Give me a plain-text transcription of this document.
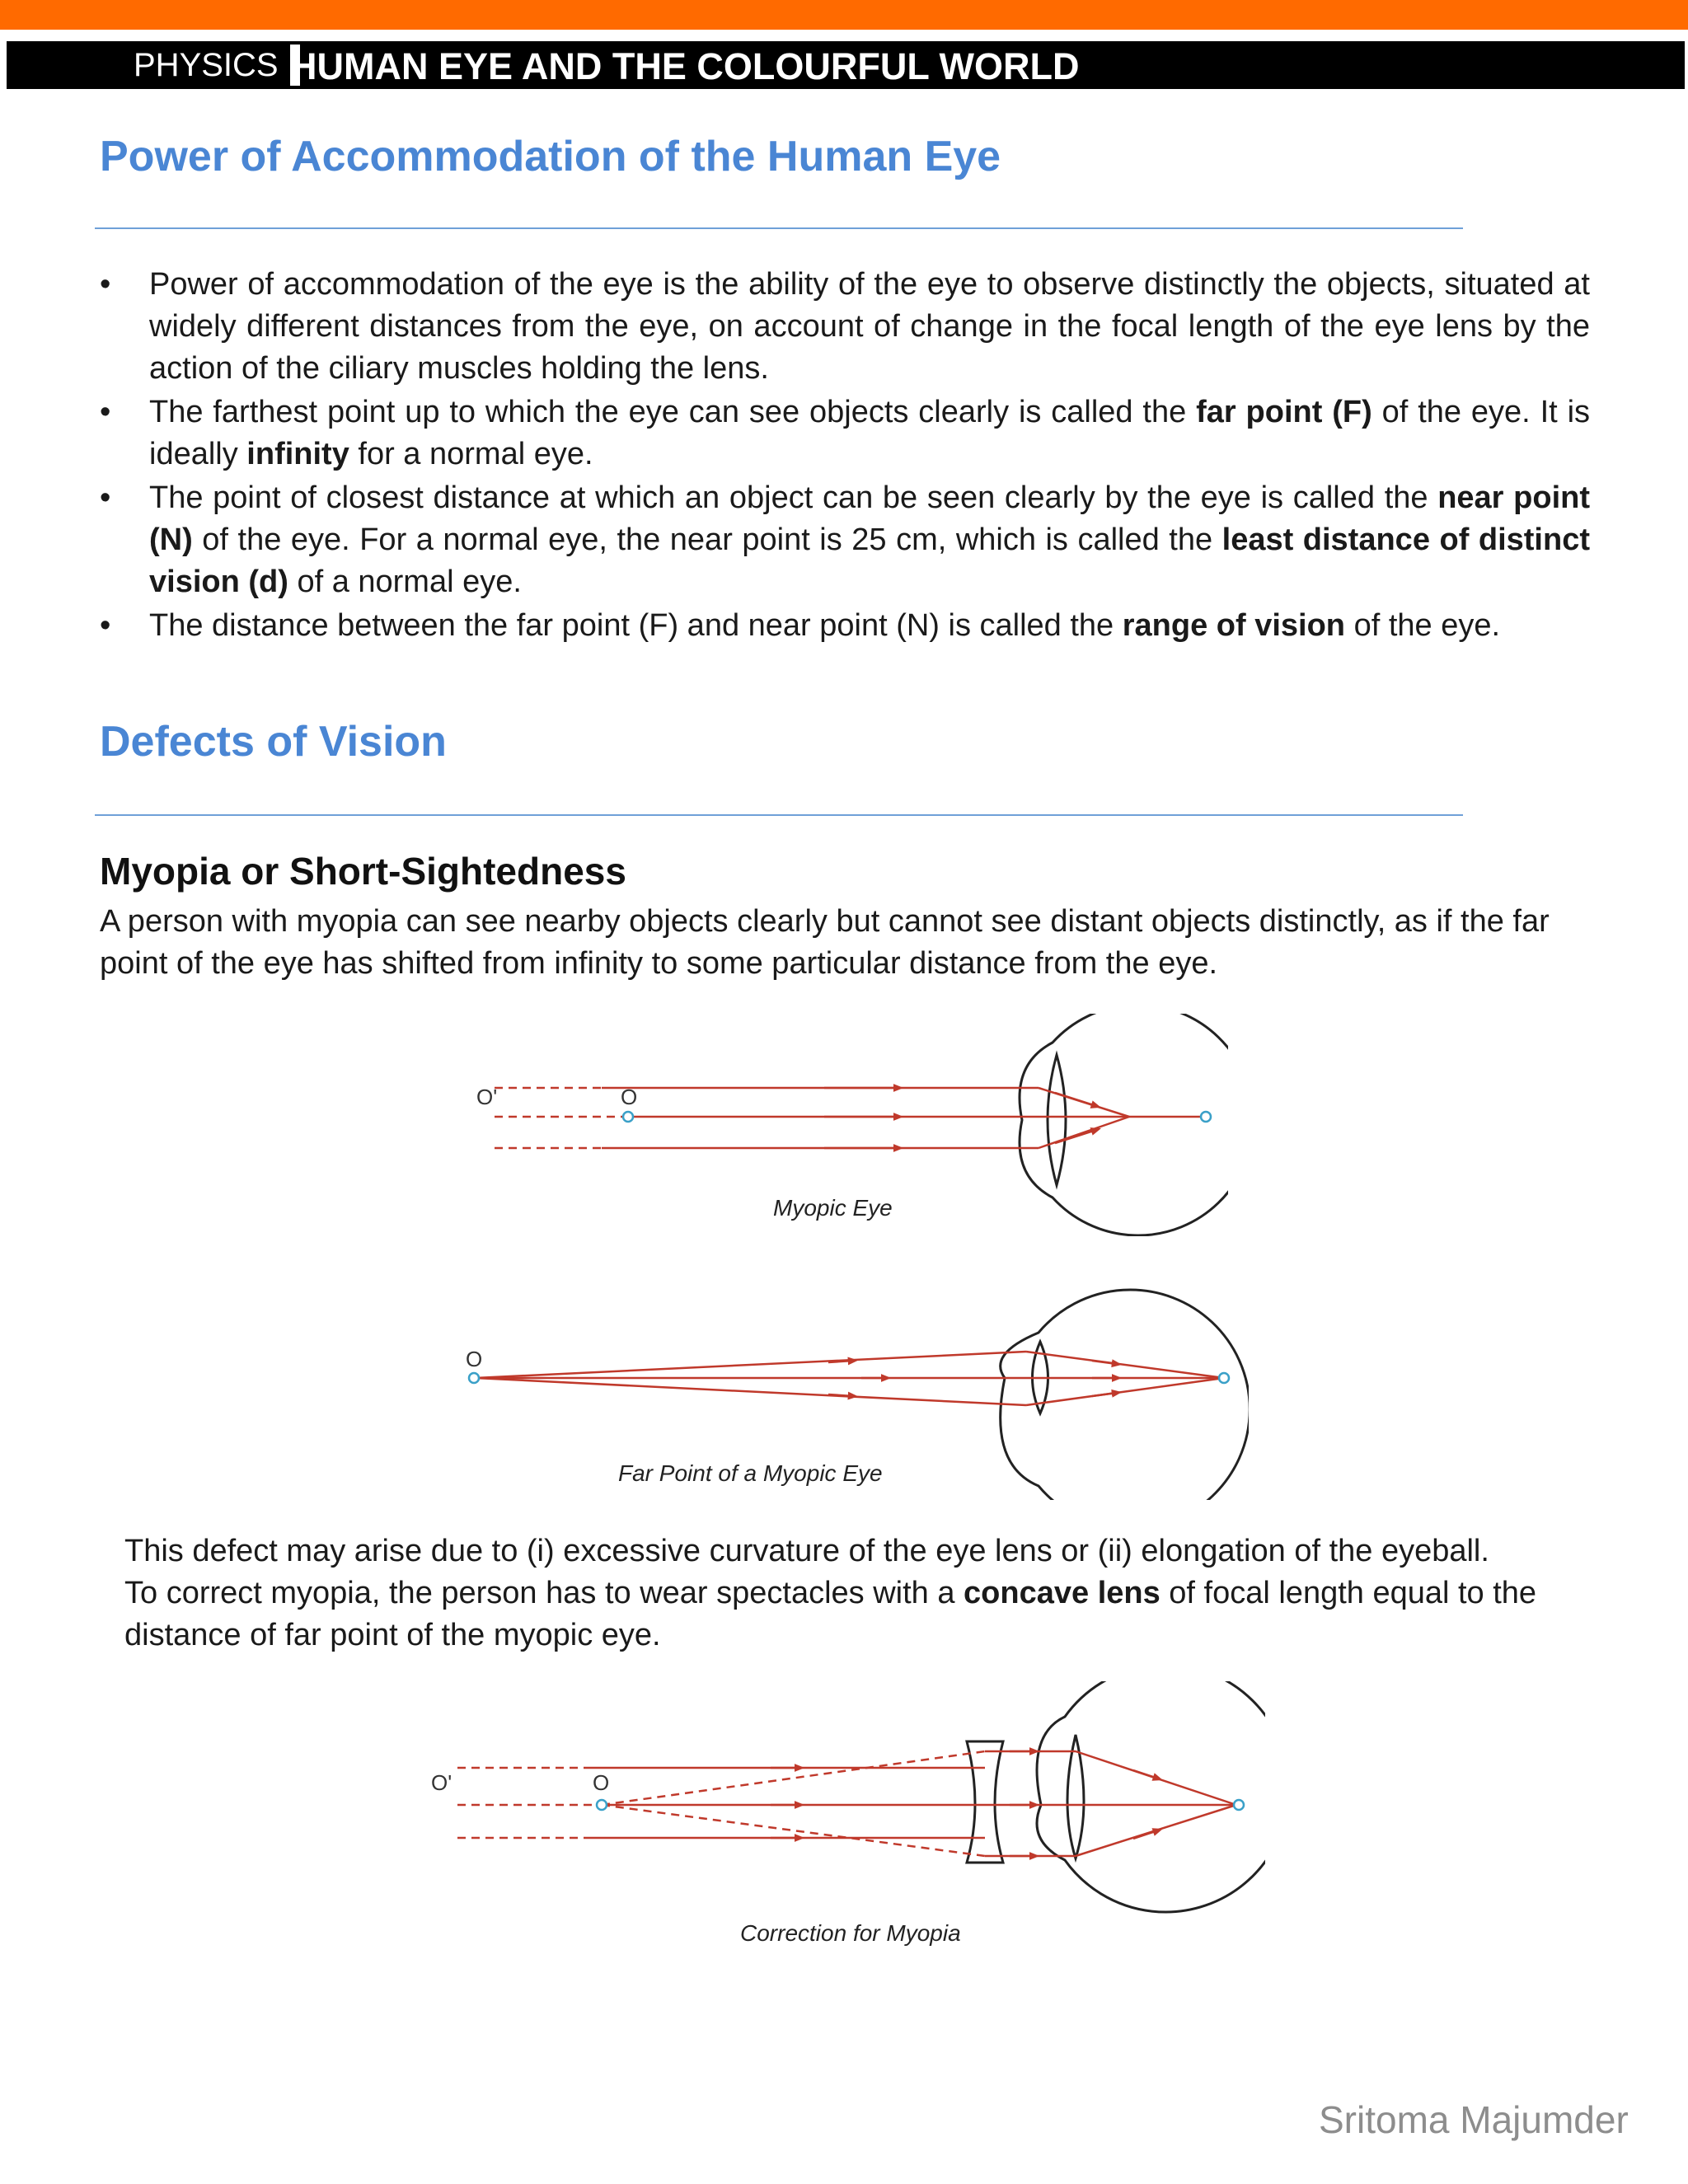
PHYSICS HUMAN EYE AND THE COLOURFUL WORLD
Power of Accommodation of the Human Eye
• Power of accommodation of the eye is the ability of the eye to observe distinctly the objects, situated at widely different distances from the eye, on account of change in the focal length of the eye lens by the action of the ciliary muscles holding the lens.
• The farthest point up to which the eye can see objects clearly is called the far point (F) of the eye. It is ideally infinity for a normal eye.
• The point of closest distance at which an object can be seen clearly by the eye is called the near point (N) of the eye. For a normal eye, the near point is 25 cm, which is called the least distance of distinct vision (d) of a normal eye.
• The distance between the far point (F) and near point (N) is called the range of vision of the eye.
Defects of Vision
Myopia or Short-Sightedness

A person with myopia can see nearby objects clearly but cannot see distant objects distinctly, as if the far point of the eye has shifted from infinity to some particular distance from the eye.

O'	O
Myopic Eye
O
Far Point of a Myopic Eye

This defect may arise due to (i) excessive curvature of the eye lens or (ii) elongation of the eyeball.

To correct myopia, the person has to wear spectacles with a concave lens of focal length equal to the distance of far point of the myopic eye.

O'	O
Correction for Myopia
Sritoma Majumder
